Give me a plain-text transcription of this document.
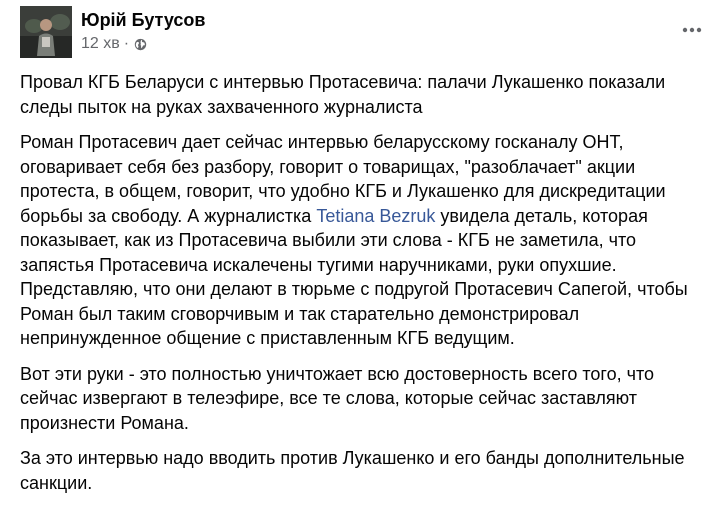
Юрій Бутусов
12 хв ·

Провал КГБ Беларуси с интервью Протасевича: палачи Лукашенко показали
следы пыток на руках захваченного журналиста

Роман Протасевич дает сейчас интервью беларусскому госканалу ОНТ,
оговаривает себя без разбору, говорит о товарищах, "разоблачает" акции
протеста, в общем, говорит, что удобно КГБ и Лукашенко для дискредитации
борьбы за свободу. А журналистка Tetiana Bezruk увидела деталь, которая
показывает, как из Протасевича выбили эти слова - КГБ не заметила, что
запястья Протасевича искалечены тугими наручниками, руки опухшие.
Представляю, что они делают в тюрьме с подругой Протасевич Сапегой, чтобы
Роман был таким сговорчивым и так старательно демонстрировал
непринужденное общение с приставленным КГБ ведущим.

Вот эти руки - это полностью уничтожает всю достоверность всего того, что
сейчас извергают в телеэфире, все те слова, которые сейчас заставляют
произнести Романа.

За это интервью надо вводить против Лукашенко и его банды дополнительные
санкции.
